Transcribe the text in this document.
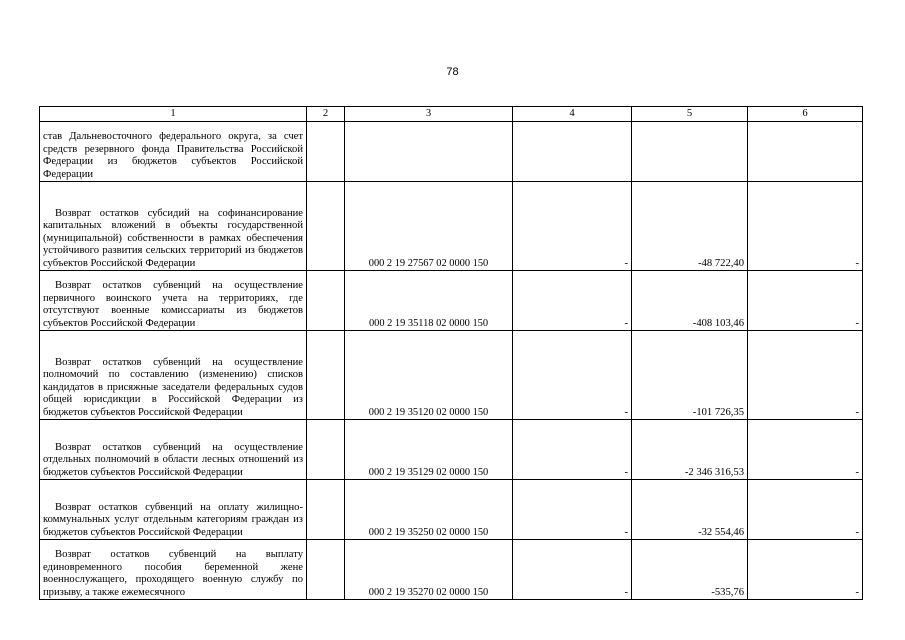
78
1	2	3	4	5	6
став Дальневосточного федерального округа, за счет средств резервного фонда Правительства Российской Федерации из бюджетов субъектов Российской Федерации					
Возврат остатков субсидий на софинансирование капитальных вложений в объекты государственной (муниципальной) собственности в рамках обеспечения устойчивого развития сельских территорий из бюджетов субъектов Российской Федерации		000 2 19 27567 02 0000 150	-	-48 722,40	-
Возврат остатков субвенций на осуществление первичного воинского учета на территориях, где отсутствуют военные комиссариаты из бюджетов субъектов Российской Федерации		000 2 19 35118 02 0000 150	-	-408 103,46	-
Возврат остатков субвенций на осуществление полномочий по составлению (изменению) списков кандидатов в присяжные заседатели федеральных судов общей юрисдикции в Российской Федерации из бюджетов субъектов Российской Федерации		000 2 19 35120 02 0000 150	-	-101 726,35	-
Возврат остатков субвенций на осуществление отдельных полномочий в области лесных отношений из бюджетов субъектов Российской Федерации		000 2 19 35129 02 0000 150	-	-2 346 316,53	-
Возврат остатков субвенций на оплату жилищно-коммунальных услуг отдельным категориям граждан из бюджетов субъектов Российской Федерации		000 2 19 35250 02 0000 150	-	-32 554,46	-
Возврат остатков субвенций на выплату единовременного пособия беременной жене военнослужащего, проходящего военную службу по призыву, а также ежемесячного		000 2 19 35270 02 0000 150	-	-535,76	-
